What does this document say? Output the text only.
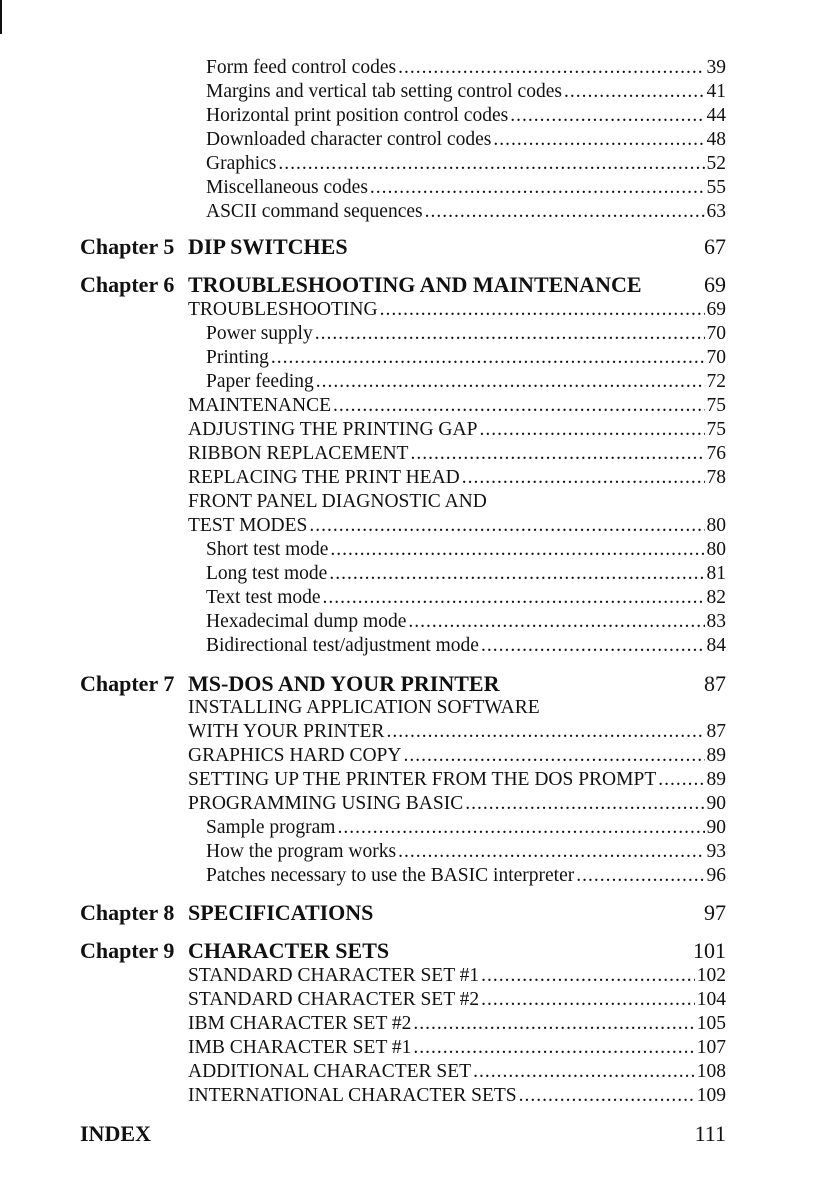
Form feed control codes .....	39
Margins and vertical tab setting control codes .....	41
Horizontal print position control codes .....	44
Downloaded character control codes .....	48
Graphics .....	52
Miscellaneous codes .....	55
ASCII command sequences .....	63
Chapter 5 DIP SWITCHES	67
Chapter 6 TROUBLESHOOTING AND MAINTENANCE	69
TROUBLESHOOTING .....	69
Power supply .....	70
Printing .....	70
Paper feeding .....	72
MAINTENANCE .....	75
ADJUSTING THE PRINTING GAP .....	75
RIBBON REPLACEMENT .....	76
REPLACING THE PRINT HEAD .....	78
FRONT PANEL DIAGNOSTIC AND
TEST MODES .....	80
Short test mode .....	80
Long test mode .....	81
Text test mode .....	82
Hexadecimal dump mode .....	83
Bidirectional test/adjustment mode .....	84
Chapter 7 MS-DOS AND YOUR PRINTER	87
INSTALLING APPLICATION SOFTWARE
WITH YOUR PRINTER .....	87
GRAPHICS HARD COPY .....	89
SETTING UP THE PRINTER FROM THE DOS PROMPT .....	89
PROGRAMMING USING BASIC .....	90
Sample program .....	90
How the program works .....	93
Patches necessary to use the BASIC interpreter .....	96
Chapter 8 SPECIFICATIONS	97
Chapter 9 CHARACTER SETS	101
STANDARD CHARACTER SET #1 .....	102
STANDARD CHARACTER SET #2 .....	104
IBM CHARACTER SET #2 .....	105
IMB CHARACTER SET #1 .....	107
ADDITIONAL CHARACTER SET .....	108
INTERNATIONAL CHARACTER SETS .....	109
INDEX	111
